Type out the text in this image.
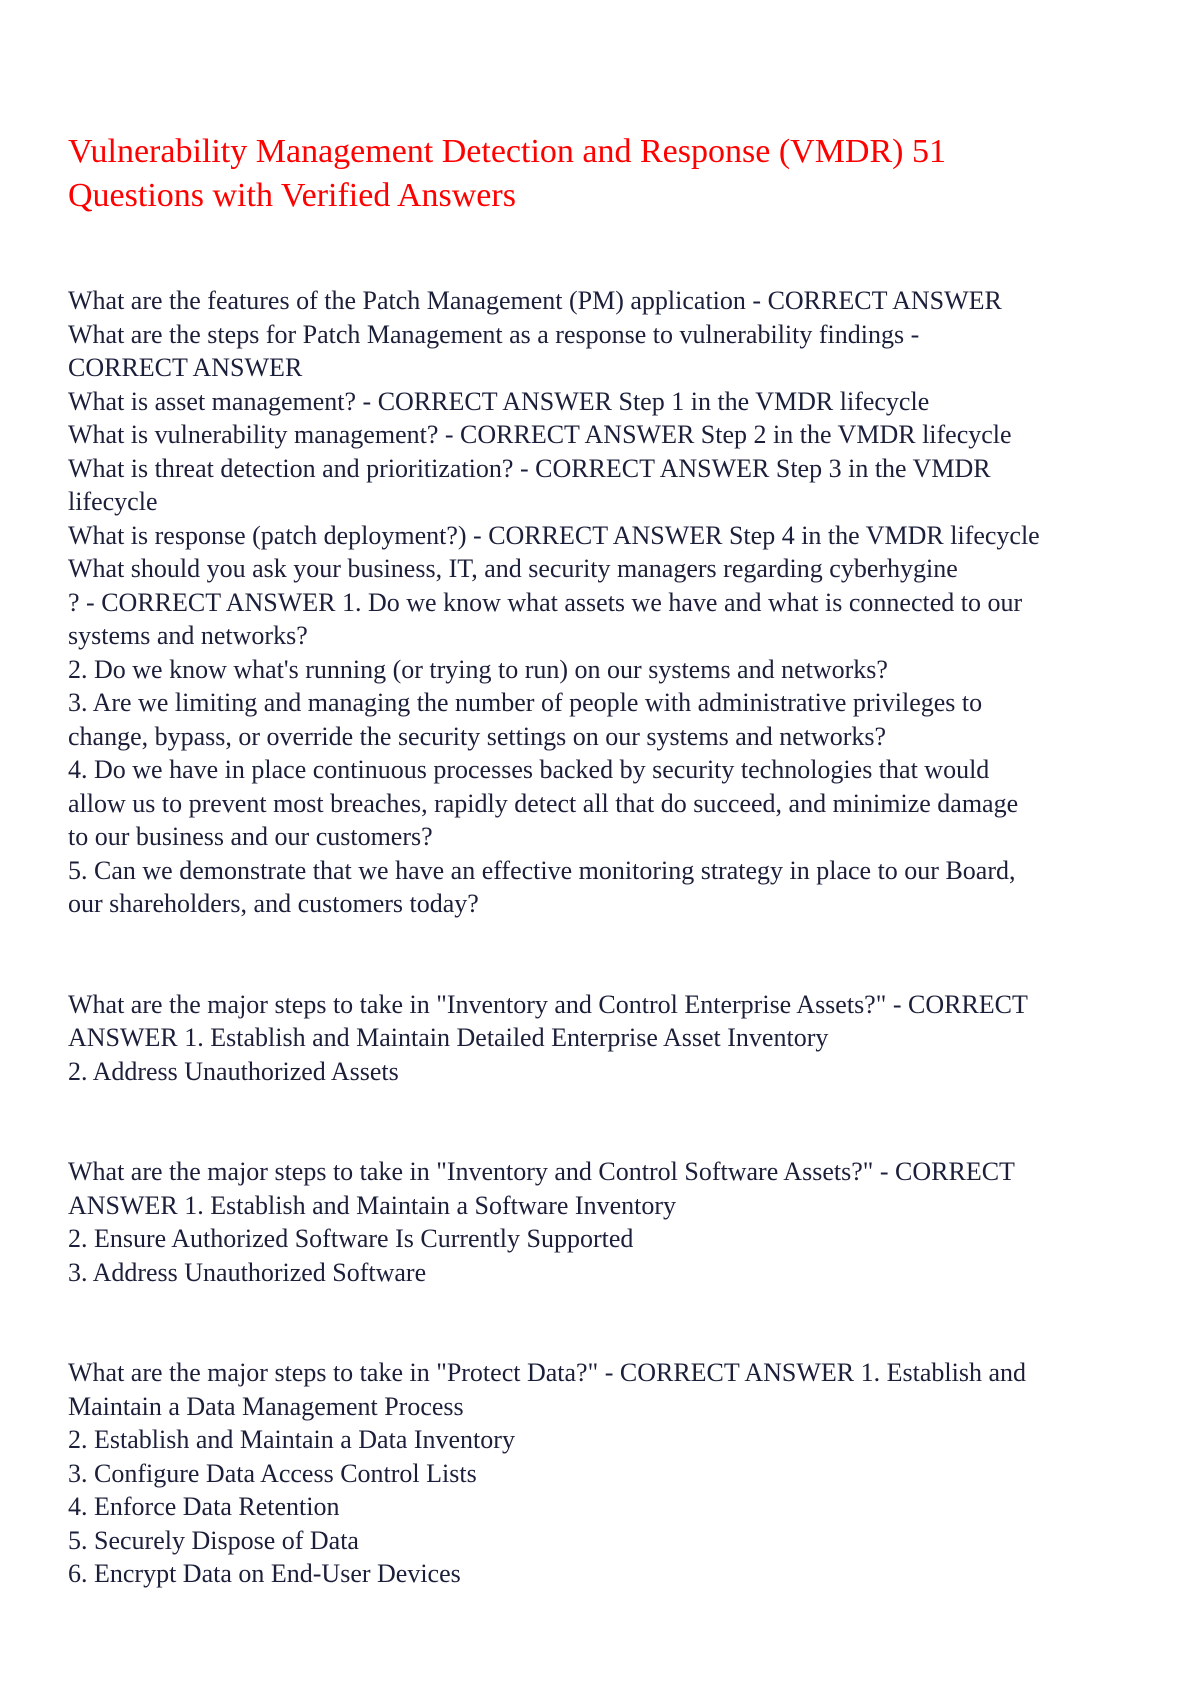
Vulnerability Management Detection and Response (VMDR) 51
Questions with Verified Answers
What are the features of the Patch Management (PM) application - CORRECT ANSWER
What are the steps for Patch Management as a response to vulnerability findings -
CORRECT ANSWER
What is asset management? - CORRECT ANSWER Step 1 in the VMDR lifecycle
What is vulnerability management? - CORRECT ANSWER Step 2 in the VMDR lifecycle
What is threat detection and prioritization? - CORRECT ANSWER Step 3 in the VMDR
lifecycle
What is response (patch deployment?) - CORRECT ANSWER Step 4 in the VMDR lifecycle
What should you ask your business, IT, and security managers regarding cyberhygine
? - CORRECT ANSWER 1. Do we know what assets we have and what is connected to our
systems and networks?
2. Do we know what's running (or trying to run) on our systems and networks?
3. Are we limiting and managing the number of people with administrative privileges to
change, bypass, or override the security settings on our systems and networks?
4. Do we have in place continuous processes backed by security technologies that would
allow us to prevent most breaches, rapidly detect all that do succeed, and minimize damage
to our business and our customers?
5. Can we demonstrate that we have an effective monitoring strategy in place to our Board,
our shareholders, and customers today?
What are the major steps to take in "Inventory and Control Enterprise Assets?" - CORRECT
ANSWER 1. Establish and Maintain Detailed Enterprise Asset Inventory
2. Address Unauthorized Assets
What are the major steps to take in "Inventory and Control Software Assets?" - CORRECT
ANSWER 1. Establish and Maintain a Software Inventory
2. Ensure Authorized Software Is Currently Supported
3. Address Unauthorized Software
What are the major steps to take in "Protect Data?" - CORRECT ANSWER 1. Establish and
Maintain a Data Management Process
2. Establish and Maintain a Data Inventory
3. Configure Data Access Control Lists
4. Enforce Data Retention
5. Securely Dispose of Data
6. Encrypt Data on End-User Devices
